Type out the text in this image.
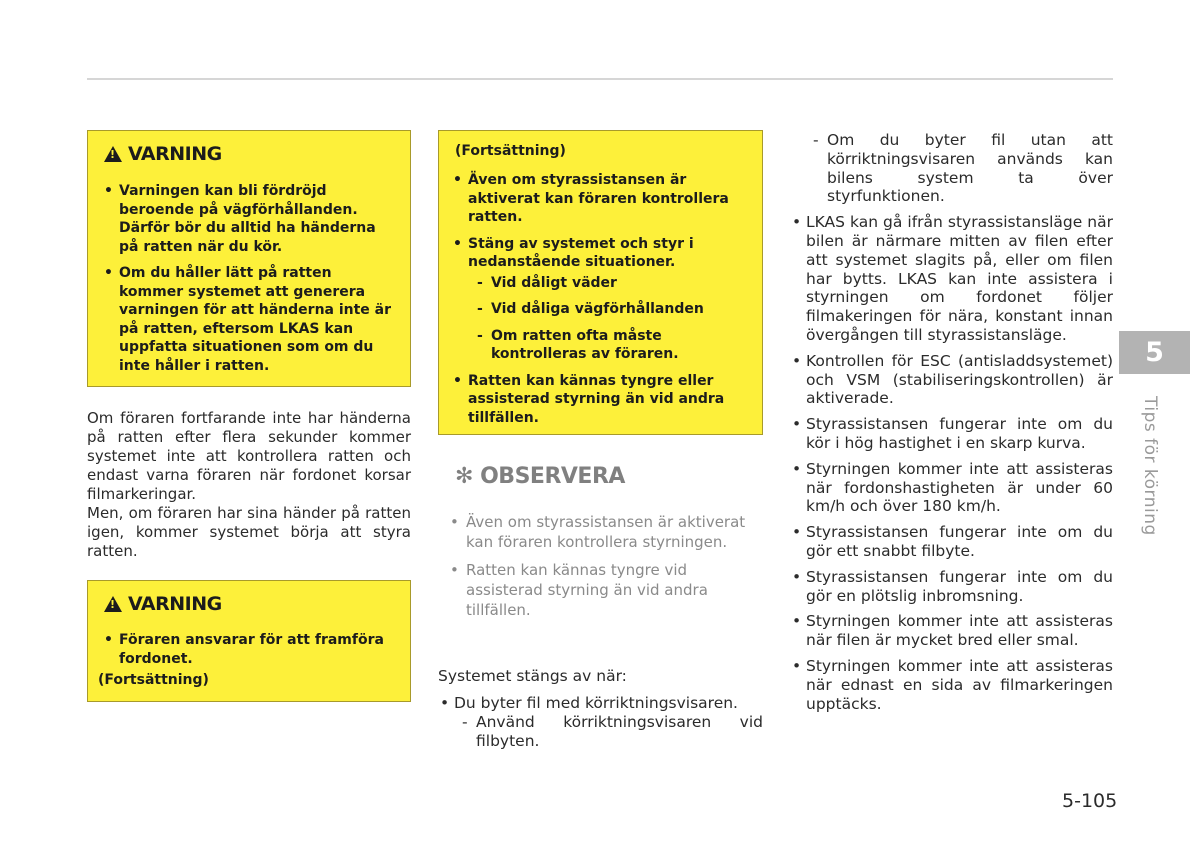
!
VARNING
• Varningen kan bli fördröjd beroende på vägförhållanden. Därför bör du alltid ha händerna på ratten när du kör.
• Om du håller lätt på ratten kommer systemet att generera varningen för att händerna inte är på ratten, eftersom LKAS kan uppfatta situationen som om du inte håller i ratten.
Om föraren fortfarande inte har händerna på ratten efter flera sekunder kommer systemet inte att kontrollera ratten och endast varna föraren när fordonet korsar filmarkeringar.
Men, om föraren har sina händer på ratten igen, kommer systemet börja att styra ratten.
!
VARNING
• Föraren ansvarar för att framföra fordonet.
(Fortsättning)
(Fortsättning)
• Även om styrassistansen är aktiverat kan föraren kontrollera ratten.
• Stäng av systemet och styr i nedanstående situationer.
- Vid dåligt väder
- Vid dåliga vägförhållanden
- Om ratten ofta måste kontrolleras av föraren.
• Ratten kan kännas tyngre eller assisterad styrning än vid andra tillfällen.
✻ OBSERVERA
• Även om styrassistansen är aktiverat kan föraren kontrollera styrningen.
• Ratten kan kännas tyngre vid assisterad styrning än vid andra tillfällen.
Systemet stängs av när:
• Du byter fil med körriktningsvisaren.
- Använd körriktningsvisaren vid filbyten.
- Om du byter fil utan att körriktningsvisaren används kan bilens system ta över styrfunktionen.
• LKAS kan gå ifrån styrassistansläge när bilen är närmare mitten av filen efter att systemet slagits på, eller om filen har bytts. LKAS kan inte assistera i styrningen om fordonet följer filmakeringen för nära, konstant innan övergången till styrassistansläge.
• Kontrollen för ESC (antisladdsystemet) och VSM (stabiliseringskontrollen) är aktiverade.
• Styrassistansen fungerar inte om du kör i hög hastighet i en skarp kurva.
• Styrningen kommer inte att assisteras när fordonshastigheten är under 60 km/h och över 180 km/h.
• Styrassistansen fungerar inte om du gör ett snabbt filbyte.
• Styrassistansen fungerar inte om du gör en plötslig inbromsning.
• Styrningen kommer inte att assisteras när filen är mycket bred eller smal.
• Styrningen kommer inte att assisteras när ednast en sida av filmarkeringen upptäcks.
5
Tips för körning
5-105
